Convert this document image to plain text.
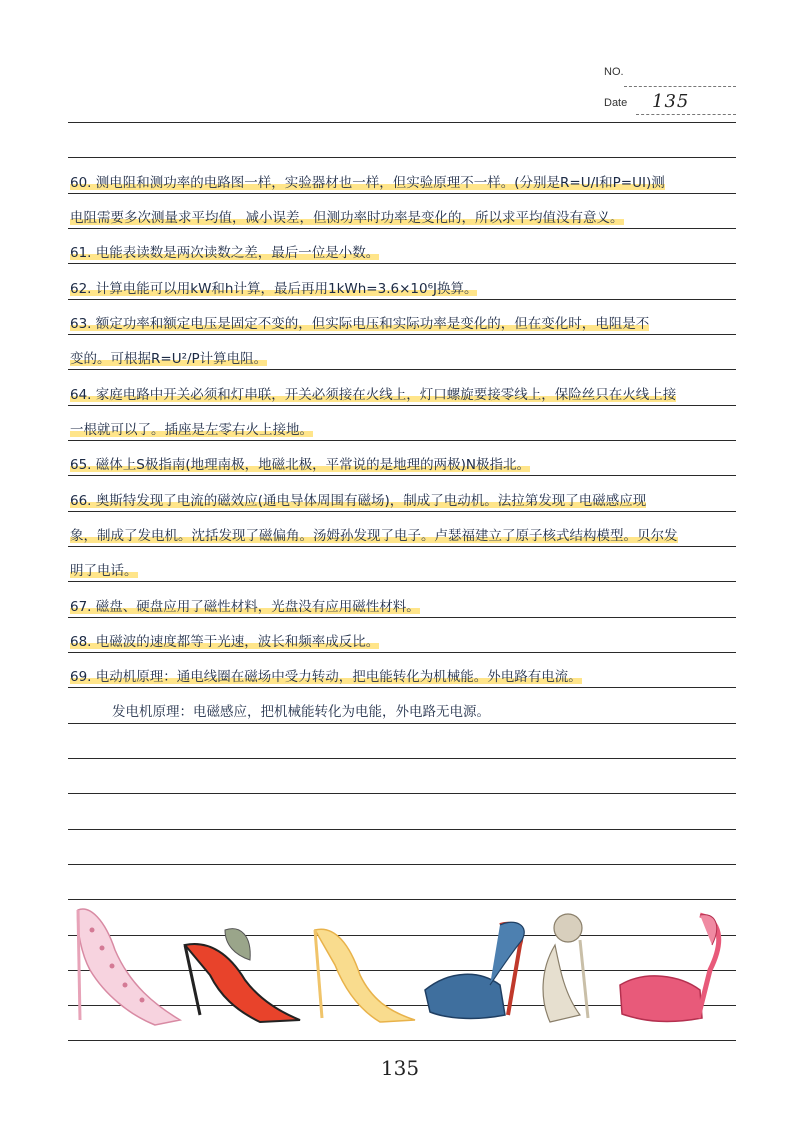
NO.
Date 135
60. 测电阻和测功率的电路图一样，实验器材也一样，但实验原理不一样。(分别是R=U/I和P=UI)测
电阻需要多次测量求平均值，减小误差，但测功率时功率是变化的，所以求平均值没有意义。
61. 电能表读数是两次读数之差，最后一位是小数。
62. 计算电能可以用kW和h计算，最后再用1kWh=3.6×10⁶J换算。
63. 额定功率和额定电压是固定不变的，但实际电压和实际功率是变化的，但在变化时，电阻是不
变的。可根据R=U²/P计算电阻。
64. 家庭电路中开关必须和灯串联，开关必须接在火线上，灯口螺旋要接零线上，保险丝只在火线上接
一根就可以了。插座是左零右火上接地。
65. 磁体上S极指南(地理南极，地磁北极，平常说的是地理的两极)N极指北。
66. 奥斯特发现了电流的磁效应(通电导体周围有磁场)，制成了电动机。法拉第发现了电磁感应现
象，制成了发电机。沈括发现了磁偏角。汤姆孙发现了电子。卢瑟福建立了原子核式结构模型。贝尔发
明了电话。
67. 磁盘、硬盘应用了磁性材料，光盘没有应用磁性材料。
68. 电磁波的速度都等于光速，波长和频率成反比。
69. 电动机原理：通电线圈在磁场中受力转动，把电能转化为机械能。外电路有电流。
发电机原理：电磁感应，把机械能转化为电能，外电路无电源。
135
